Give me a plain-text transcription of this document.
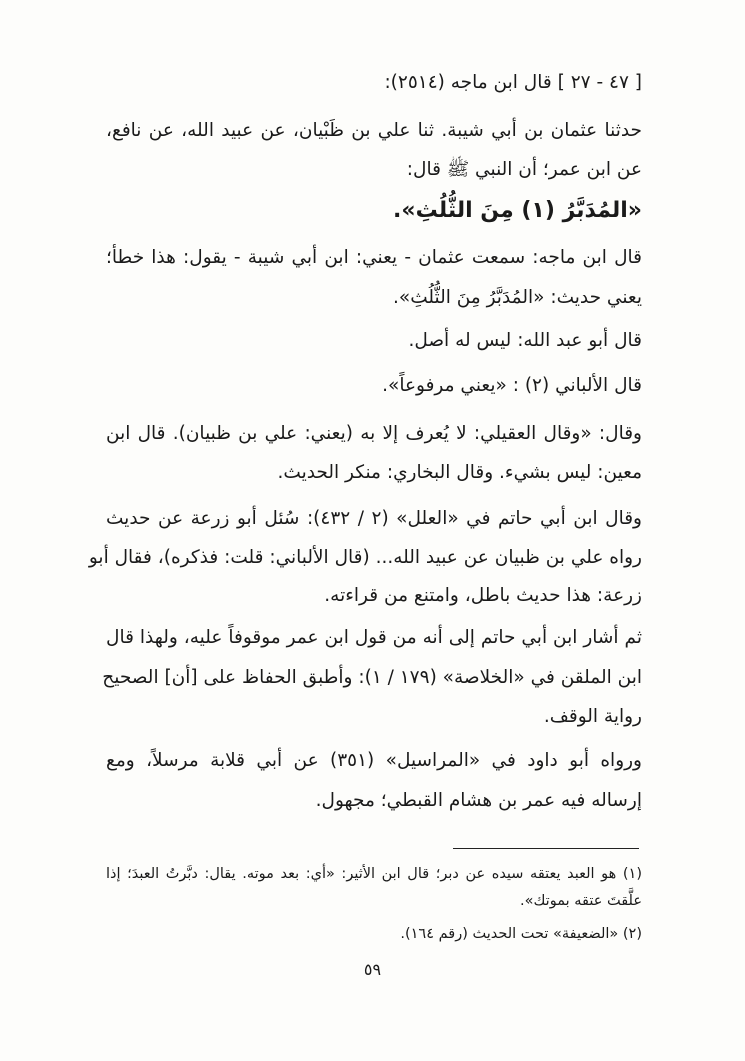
[ ٤٧ - ٢٧ ] قال ابن ماجه (٢٥١٤):
حدثنا عثمان بن أبي شيبة. ثنا علي بن ظَبْيان، عن عبيد الله، عن نافع،
عن ابن عمر؛ أن النبي ﷺ قال:
«المُدَبَّرُ (١) مِنَ الثُّلُثِ».
قال ابن ماجه: سمعت عثمان - يعني: ابن أبي شيبة - يقول: هذا خطأ؛
يعني حديث: «المُدَبَّرُ مِنَ الثُّلُثِ».
قال أبو عبد الله: ليس له أصل.
قال الألباني (٢) : «يعني مرفوعاً».
وقال: «وقال العقيلي: لا يُعرف إلا به (يعني: علي بن ظبيان). قال ابن
معين: ليس بشيء. وقال البخاري: منكر الحديث.
وقال ابن أبي حاتم في «العلل» (٢ / ٤٣٢): سُئل أبو زرعة عن حديث
رواه علي بن ظبيان عن عبيد الله... (قال الألباني: قلت: فذكره)، فقال أبو
زرعة: هذا حديث باطل، وامتنع من قراءته.
ثم أشار ابن أبي حاتم إلى أنه من قول ابن عمر موقوفاً عليه، ولهذا قال
ابن الملقن في «الخلاصة» (١٧٩ / ١): وأطبق الحفاظ على [أن] الصحيح
رواية الوقف.
ورواه أبو داود في «المراسيل» (٣٥١) عن أبي قلابة مرسلاً، ومع
إرساله فيه عمر بن هشام القبطي؛ مجهول.
(١) هو العبد يعتقه سيده عن دبر؛ قال ابن الأثير: «أي: بعد موته. يقال: دبَّرتُ العبدَ؛ إذا
علَّقتَ عتقه بموتك».
(٢) «الضعيفة» تحت الحديث (رقم ١٦٤).
٥٩
